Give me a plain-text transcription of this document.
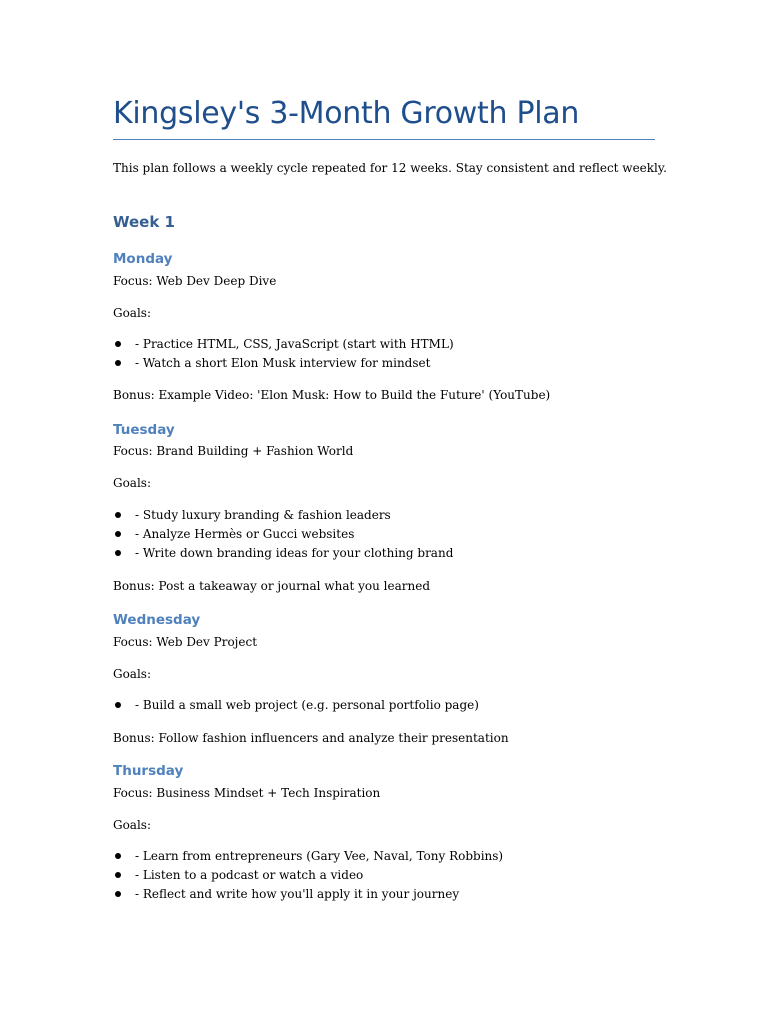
Kingsley's 3-Month Growth Plan
This plan follows a weekly cycle repeated for 12 weeks. Stay consistent and reflect weekly.
Week 1
Monday
Focus: Web Dev Deep Dive
Goals:
- Practice HTML, CSS, JavaScript (start with HTML)
- Watch a short Elon Musk interview for mindset
Bonus: Example Video: 'Elon Musk: How to Build the Future' (YouTube)
Tuesday
Focus: Brand Building + Fashion World
Goals:
- Study luxury branding & fashion leaders
- Analyze Hermès or Gucci websites
- Write down branding ideas for your clothing brand
Bonus: Post a takeaway or journal what you learned
Wednesday
Focus: Web Dev Project
Goals:
- Build a small web project (e.g. personal portfolio page)
Bonus: Follow fashion influencers and analyze their presentation
Thursday
Focus: Business Mindset + Tech Inspiration
Goals:
- Learn from entrepreneurs (Gary Vee, Naval, Tony Robbins)
- Listen to a podcast or watch a video
- Reflect and write how you'll apply it in your journey
